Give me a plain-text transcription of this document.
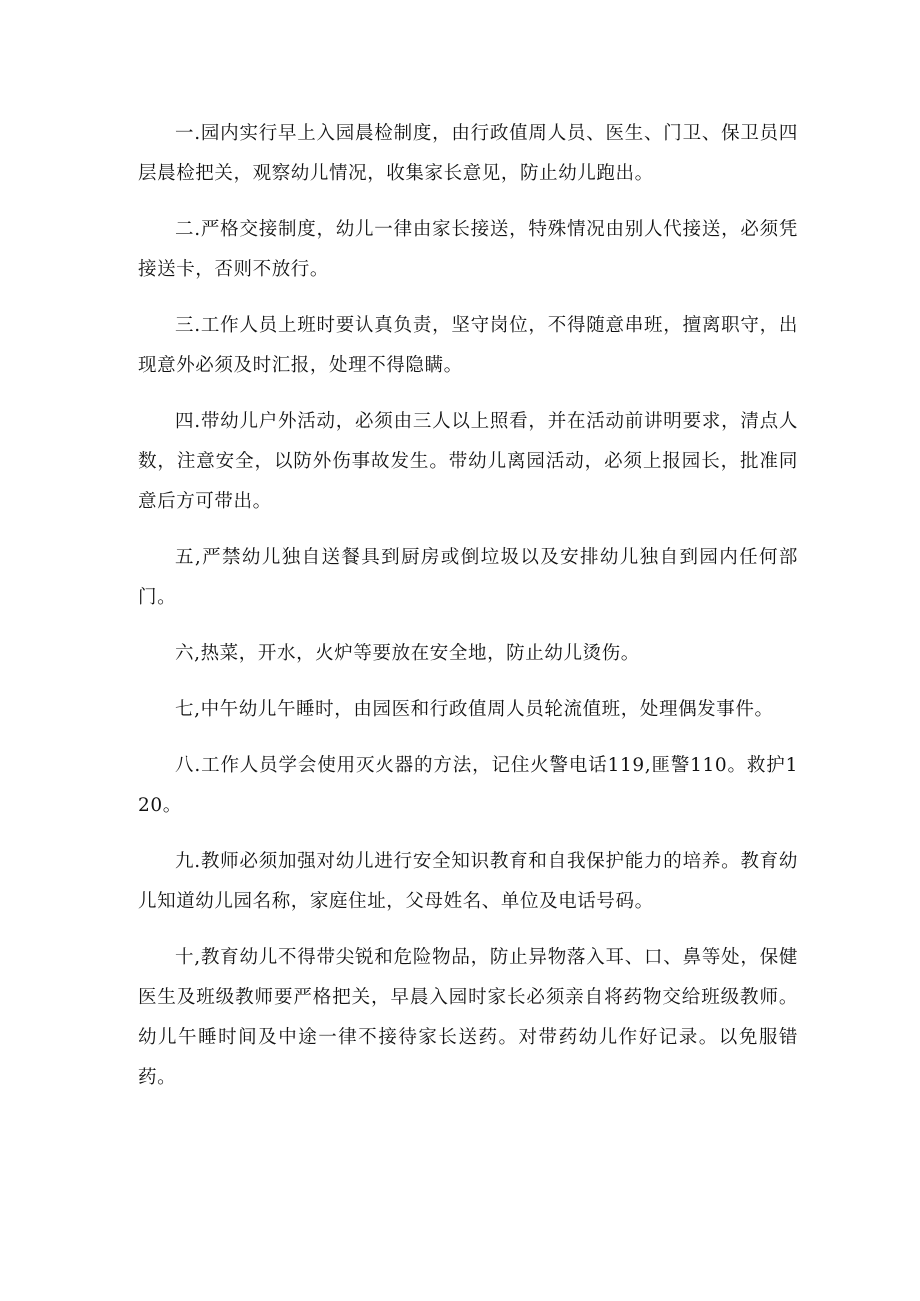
一.园内实行早上入园晨检制度，由行政值周人员、医生、门卫、保卫员四层晨检把关，观察幼儿情况，收集家长意见，防止幼儿跑出。

二.严格交接制度，幼儿一律由家长接送，特殊情况由别人代接送，必须凭接送卡，否则不放行。

三.工作人员上班时要认真负责，坚守岗位，不得随意串班，擅离职守，出现意外必须及时汇报，处理不得隐瞒。

四.带幼儿户外活动，必须由三人以上照看，并在活动前讲明要求，清点人数，注意安全，以防外伤事故发生。带幼儿离园活动，必须上报园长，批准同意后方可带出。

五,严禁幼儿独自送餐具到厨房或倒垃圾以及安排幼儿独自到园内任何部门。

六,热菜，开水，火炉等要放在安全地，防止幼儿烫伤。

七,中午幼儿午睡时，由园医和行政值周人员轮流值班，处理偶发事件。

八.工作人员学会使用灭火器的方法，记住火警电话119,匪警110。救护120。

九.教师必须加强对幼儿进行安全知识教育和自我保护能力的培养。教育幼儿知道幼儿园名称，家庭住址，父母姓名、单位及电话号码。

十,教育幼儿不得带尖锐和危险物品，防止异物落入耳、口、鼻等处，保健医生及班级教师要严格把关，早晨入园时家长必须亲自将药物交给班级教师。幼儿午睡时间及中途一律不接待家长送药。对带药幼儿作好记录。以免服错药。
